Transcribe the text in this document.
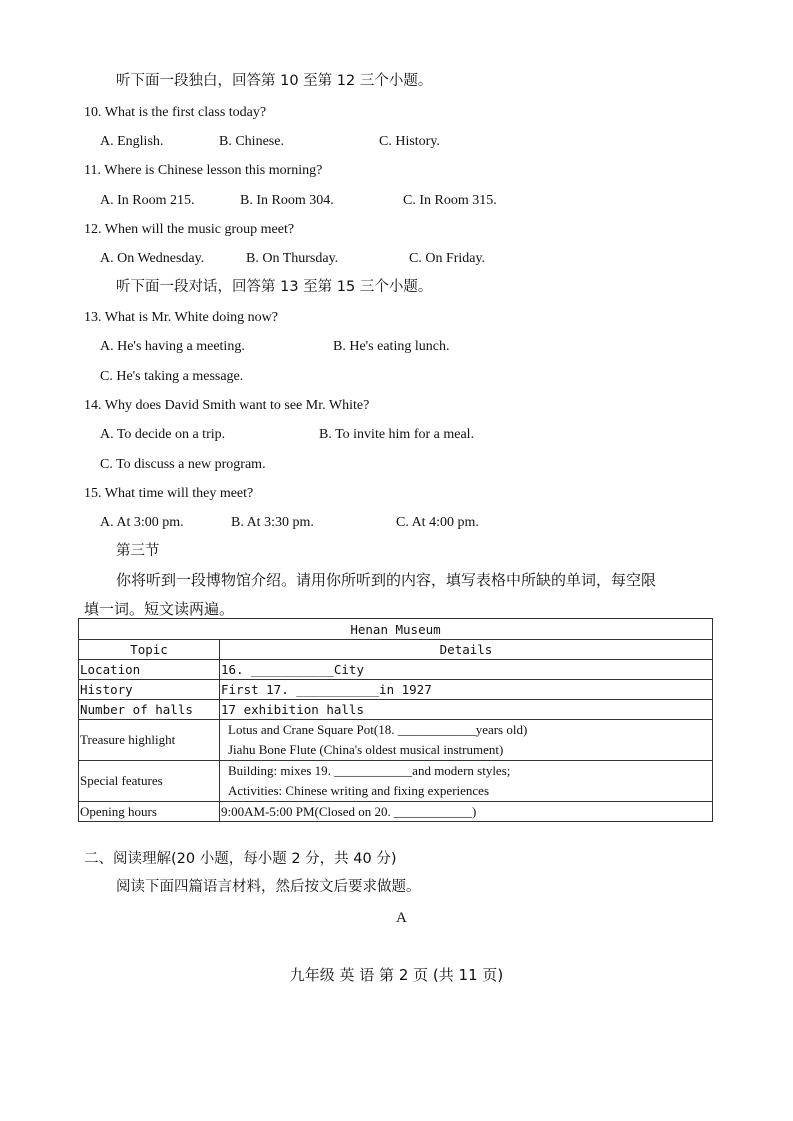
听下面一段独白，回答第 10 至第 12 三个小题。
10. What is the first class today?
A. English.	B. Chinese.	C. History.
11. Where is Chinese lesson this morning?
A. In Room 215.	B. In Room 304.	C. In Room 315.
12. When will the music group meet?
A. On Wednesday.	B. On Thursday.	C. On Friday.
听下面一段对话，回答第 13 至第 15 三个小题。
13. What is Mr. White doing now?
A. He's having a meeting.	B. He's eating lunch.
C. He's taking a message.
14. Why does David Smith want to see Mr. White?
A. To decide on a trip.	B. To invite him for a meal.
C. To discuss a new program.
15. What time will they meet?
A. At 3:00 pm.	B. At 3:30 pm.	C. At 4:00 pm.
第三节
你将听到一段博物馆介绍。请用你所听到的内容，填写表格中所缺的单词，每空限
填一词。短文读两遍。
Henan Museum	
Topic	Details
Location	16. ___________City
History	First 17. ___________in 1927
Number of halls	17 exhibition halls
Treasure highlight	Lotus and Crane Square Pot(18. ____________years old)
Jiahu Bone Flute (China's oldest musical instrument)

Special features	Building: mixes 19. ____________and modern styles;
Activities: Chinese writing and fixing experiences

Opening hours	9:00AM-5:00 PM(Closed on 20. ____________)
二、阅读理解(20 小题，每小题 2 分，共 40 分)
阅读下面四篇语言材料，然后按文后要求做题。
A
九年级 英 语 第 2 页 (共 11 页)
